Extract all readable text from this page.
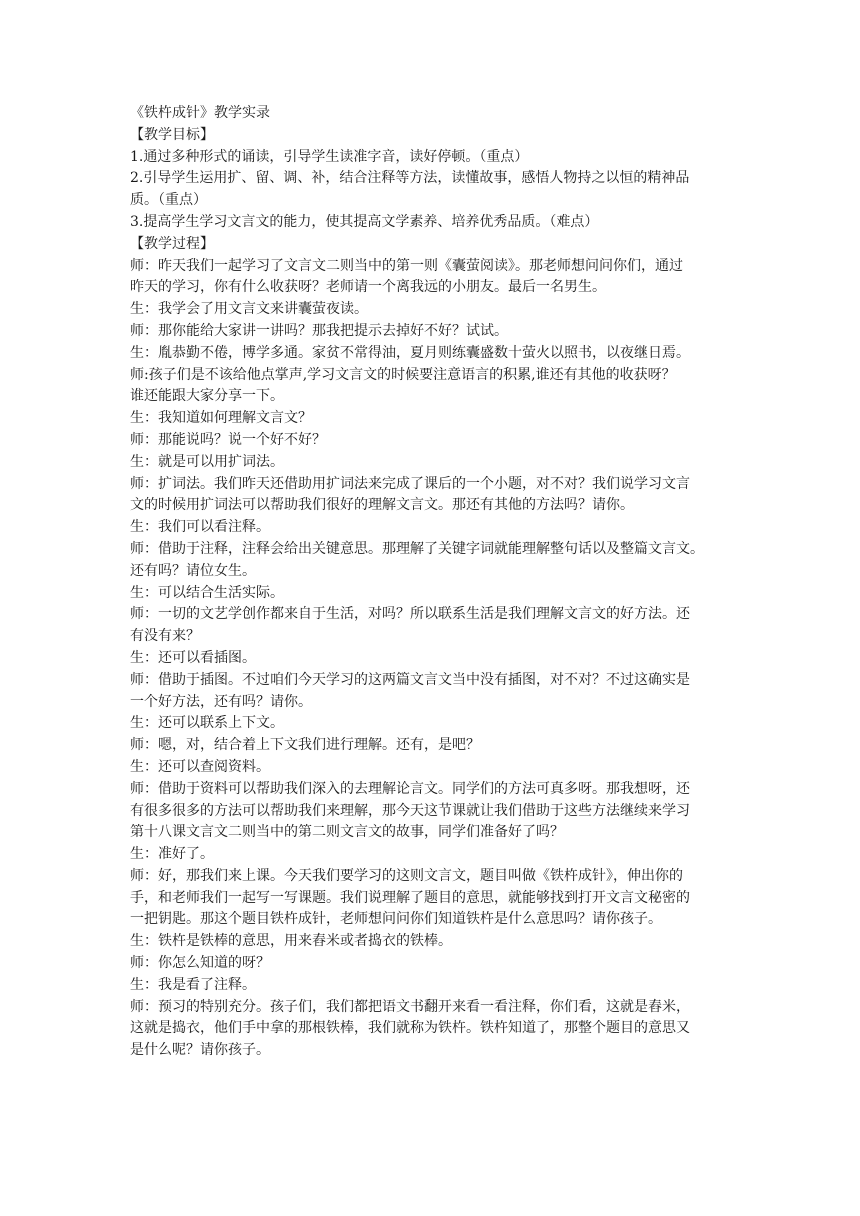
《铁杵成针》教学实录
【教学目标】
1.通过多种形式的诵读，引导学生读准字音，读好停顿。（重点）
2.引导学生运用扩、留、调、补，结合注释等方法，读懂故事，感悟人物持之以恒的精神品
质。（重点）
3.提高学生学习文言文的能力，使其提高文学素养、培养优秀品质。（难点）
【教学过程】
师：昨天我们一起学习了文言文二则当中的第一则《囊萤阅读》。那老师想问问你们，通过
昨天的学习，你有什么收获呀？老师请一个离我远的小朋友。最后一名男生。
生：我学会了用文言文来讲囊萤夜读。
师：那你能给大家讲一讲吗？那我把提示去掉好不好？试试。
生：胤恭勤不倦，博学多通。家贫不常得油，夏月则练囊盛数十萤火以照书，以夜继日焉。
师:孩子们是不该给他点掌声,学习文言文的时候要注意语言的积累,谁还有其他的收获呀？
谁还能跟大家分享一下。
生：我知道如何理解文言文？
师：那能说吗？说一个好不好？
生：就是可以用扩词法。
师：扩词法。我们昨天还借助用扩词法来完成了课后的一个小题，对不对？我们说学习文言
文的时候用扩词法可以帮助我们很好的理解文言文。那还有其他的方法吗？请你。
生：我们可以看注释。
师：借助于注释，注释会给出关键意思。那理解了关键字词就能理解整句话以及整篇文言文。
还有吗？请位女生。
生：可以结合生活实际。
师：一切的文艺学创作都来自于生活，对吗？所以联系生活是我们理解文言文的好方法。还
有没有来？
生：还可以看插图。
师：借助于插图。不过咱们今天学习的这两篇文言文当中没有插图，对不对？不过这确实是
一个好方法，还有吗？请你。
生：还可以联系上下文。
师：嗯，对，结合着上下文我们进行理解。还有，是吧？
生：还可以查阅资料。
师：借助于资料可以帮助我们深入的去理解论言文。同学们的方法可真多呀。那我想呀，还
有很多很多的方法可以帮助我们来理解，那今天这节课就让我们借助于这些方法继续来学习
第十八课文言文二则当中的第二则文言文的故事，同学们准备好了吗？
生：准好了。
师：好，那我们来上课。今天我们要学习的这则文言文，题目叫做《铁杵成针》，伸出你的
手，和老师我们一起写一写课题。我们说理解了题目的意思，就能够找到打开文言文秘密的
一把钥匙。那这个题目铁杵成针，老师想问问你们知道铁杵是什么意思吗？请你孩子。
生：铁杵是铁棒的意思，用来舂米或者捣衣的铁棒。
师：你怎么知道的呀？
生：我是看了注释。
师：预习的特别充分。孩子们，我们都把语文书翻开来看一看注释，你们看，这就是舂米，
这就是捣衣，他们手中拿的那根铁棒，我们就称为铁杵。铁杵知道了，那整个题目的意思又
是什么呢？请你孩子。
